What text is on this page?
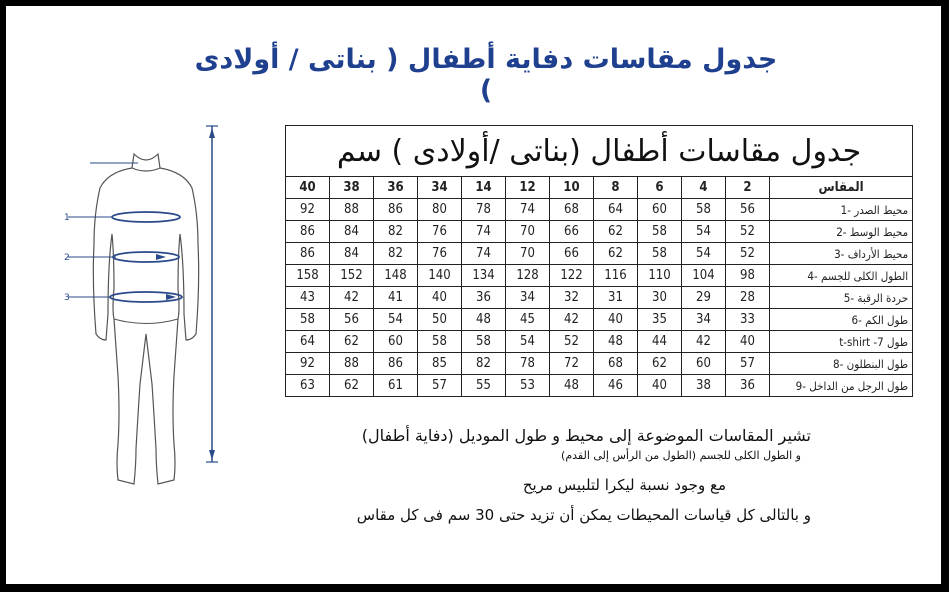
جدول مقاسات دفاية أطفال ( بناتى / أولادى )
1
2
3
جدول مقاسات أطفال (بناتى /أولادى ) سم											
40	38	36	34	14	12	10	8	6	4	2	المقاس
92	88	86	80	78	74	68	64	60	58	56	محيط الصدر -1
86	84	82	76	74	70	66	62	58	54	52	محيط الوسط -2
86	84	82	76	74	70	66	62	58	54	52	محيط الأرداف -3
158	152	148	140	134	128	122	116	110	104	98	الطول الكلى للجسم -4
43	42	41	40	36	34	32	31	30	29	28	حردة الرقبة -5
58	56	54	50	48	45	42	40	35	34	33	طول الكم -6
64	62	60	58	58	54	52	48	44	42	40	طول t-shirt -7
92	88	86	85	82	78	72	68	62	60	57	طول البنطلون -8
63	62	61	57	55	53	48	46	40	38	36	طول الرجل من الداخل -9

تشير المقاسات الموضوعة إلى محيط و طول الموديل (دفاية أطفال)

و الطول الكلى للجسم (الطول من الرأس إلى القدم)

مع وجود نسبة ليكرا لتلبيس مريح

و بالتالى كل قياسات المحيطات يمكن أن تزيد حتى 30 سم فى كل مقاس
